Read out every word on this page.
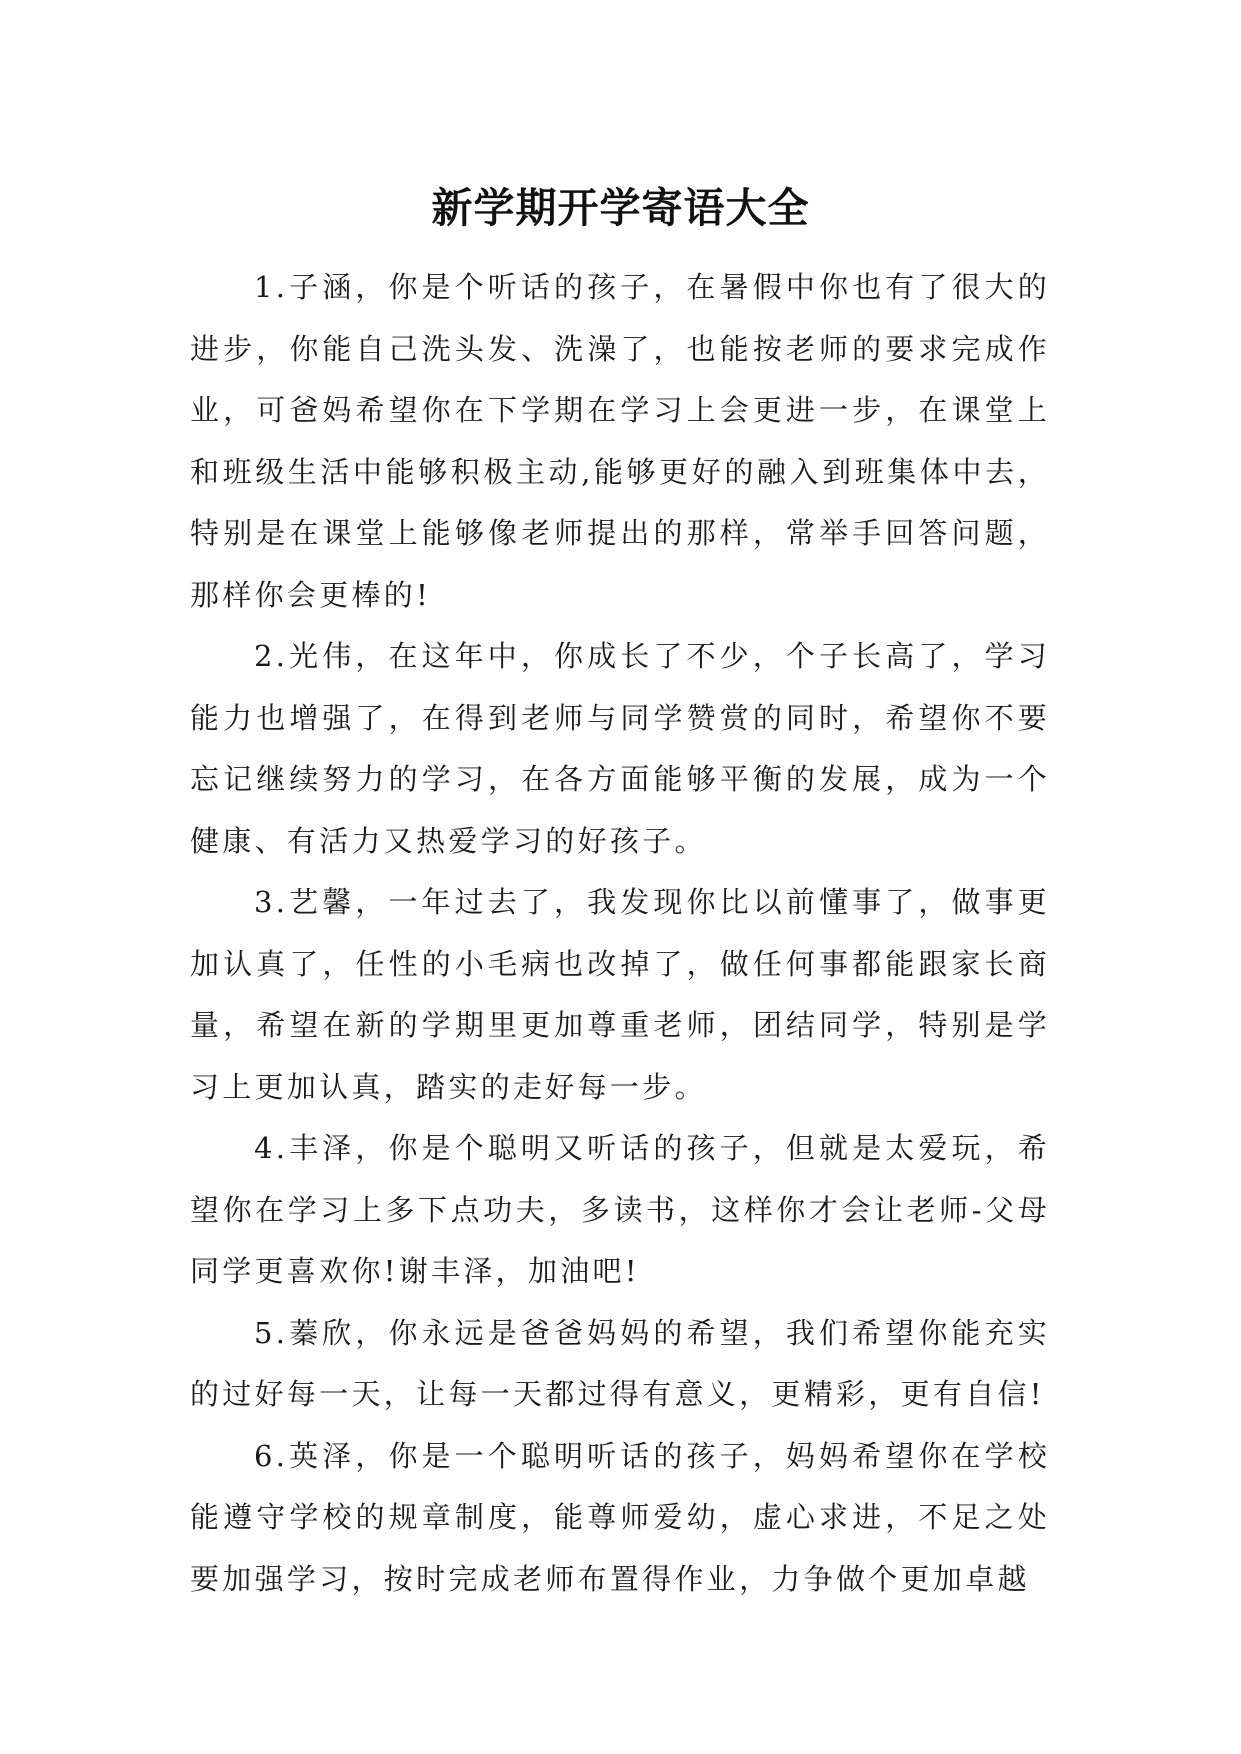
新学期开学寄语大全

1.子涵，你是个听话的孩子，在暑假中你也有了很大的进步，你能自己洗头发、洗澡了，也能按老师的要求完成作业，可爸妈希望你在下学期在学习上会更进一步，在课堂上和班级生活中能够积极主动,能够更好的融入到班集体中去，特别是在课堂上能够像老师提出的那样，常举手回答问题，那样你会更棒的!

2.光伟，在这年中，你成长了不少，个子长高了，学习能力也增强了，在得到老师与同学赞赏的同时，希望你不要忘记继续努力的学习，在各方面能够平衡的发展，成为一个健康、有活力又热爱学习的好孩子。

3.艺馨，一年过去了，我发现你比以前懂事了，做事更加认真了，任性的小毛病也改掉了，做任何事都能跟家长商量，希望在新的学期里更加尊重老师，团结同学，特别是学习上更加认真，踏实的走好每一步。

4.丰泽，你是个聪明又听话的孩子，但就是太爱玩，希望你在学习上多下点功夫，多读书，这样你才会让老师-父母同学更喜欢你!谢丰泽，加油吧!

5.蓁欣，你永远是爸爸妈妈的希望，我们希望你能充实的过好每一天，让每一天都过得有意义，更精彩，更有自信!

6.英泽，你是一个聪明听话的孩子，妈妈希望你在学校能遵守学校的规章制度，能尊师爱幼，虚心求进，不足之处要加强学习，按时完成老师布置得作业，力争做个更加卓越
